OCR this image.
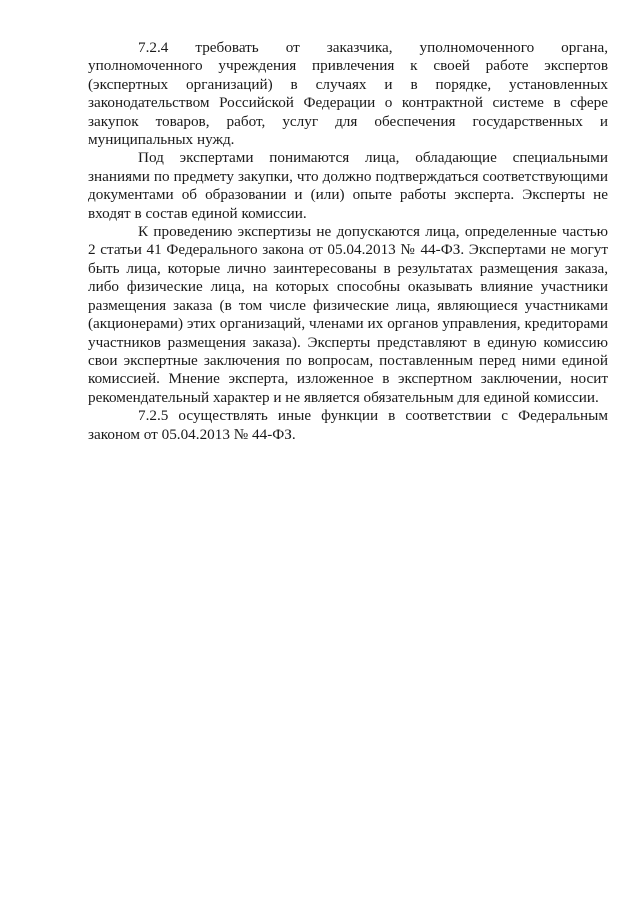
7.2.4 требовать от заказчика, уполномоченного органа, уполномоченного учреждения привлечения к своей работе экспертов (экспертных организаций) в случаях и в порядке, установленных законодательством Российской Федерации о контрактной системе в сфере закупок товаров, работ, услуг для обеспечения государственных и муниципальных нужд.

Под экспертами понимаются лица, обладающие специальными знаниями по предмету закупки, что должно подтверждаться соответствующими документами об образовании и (или) опыте работы эксперта. Эксперты не входят в состав единой комиссии.

К проведению экспертизы не допускаются лица, определенные частью 2 статьи 41 Федерального закона от 05.04.2013 № 44-ФЗ. Экспертами не могут быть лица, которые лично заинтересованы в результатах размещения заказа, либо физические лица, на которых способны оказывать влияние участники размещения заказа (в том числе физические лица, являющиеся участниками (акционерами) этих организаций, членами их органов управления, кредиторами участников размещения заказа). Эксперты представляют в единую комиссию свои экспертные заключения по вопросам, поставленным перед ними единой комиссией. Мнение эксперта, изложенное в экспертном заключении, носит рекомендательный характер и не является обязательным для единой комиссии.

7.2.5 осуществлять иные функции в соответствии с Федеральным законом от 05.04.2013 № 44-ФЗ.
